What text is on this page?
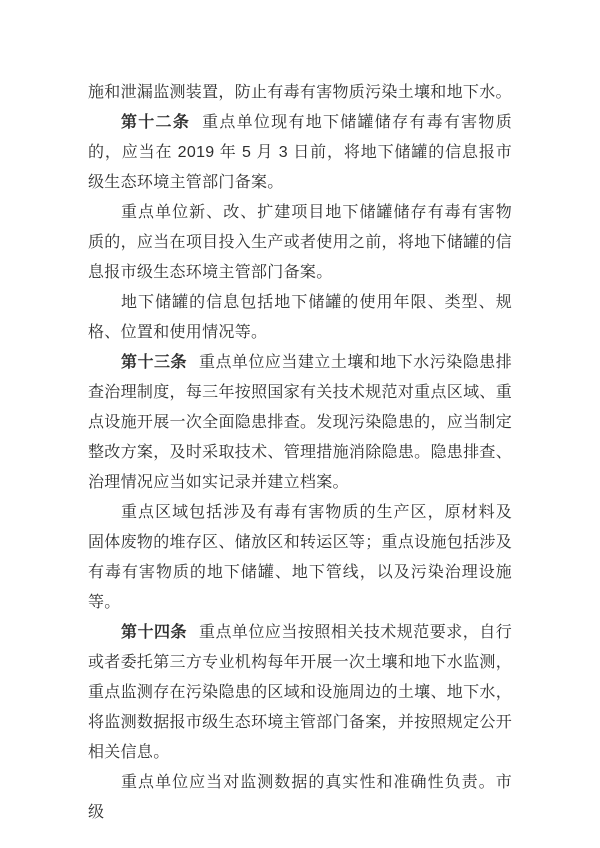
施和泄漏监测装置，防止有毒有害物质污染土壤和地下水。

第十二条 重点单位现有地下储罐储存有毒有害物质的，应当在 2019 年 5 月 3 日前，将地下储罐的信息报市级生态环境主管部门备案。

重点单位新、改、扩建项目地下储罐储存有毒有害物质的，应当在项目投入生产或者使用之前，将地下储罐的信息报市级生态环境主管部门备案。

地下储罐的信息包括地下储罐的使用年限、类型、规格、位置和使用情况等。

第十三条 重点单位应当建立土壤和地下水污染隐患排查治理制度，每三年按照国家有关技术规范对重点区域、重点设施开展一次全面隐患排查。发现污染隐患的，应当制定整改方案，及时采取技术、管理措施消除隐患。隐患排查、治理情况应当如实记录并建立档案。

重点区域包括涉及有毒有害物质的生产区，原材料及固体废物的堆存区、储放区和转运区等；重点设施包括涉及有毒有害物质的地下储罐、地下管线，以及污染治理设施等。

第十四条 重点单位应当按照相关技术规范要求，自行或者委托第三方专业机构每年开展一次土壤和地下水监测，重点监测存在污染隐患的区域和设施周边的土壤、地下水，将监测数据报市级生态环境主管部门备案，并按照规定公开相关信息。

重点单位应当对监测数据的真实性和准确性负责。市级
